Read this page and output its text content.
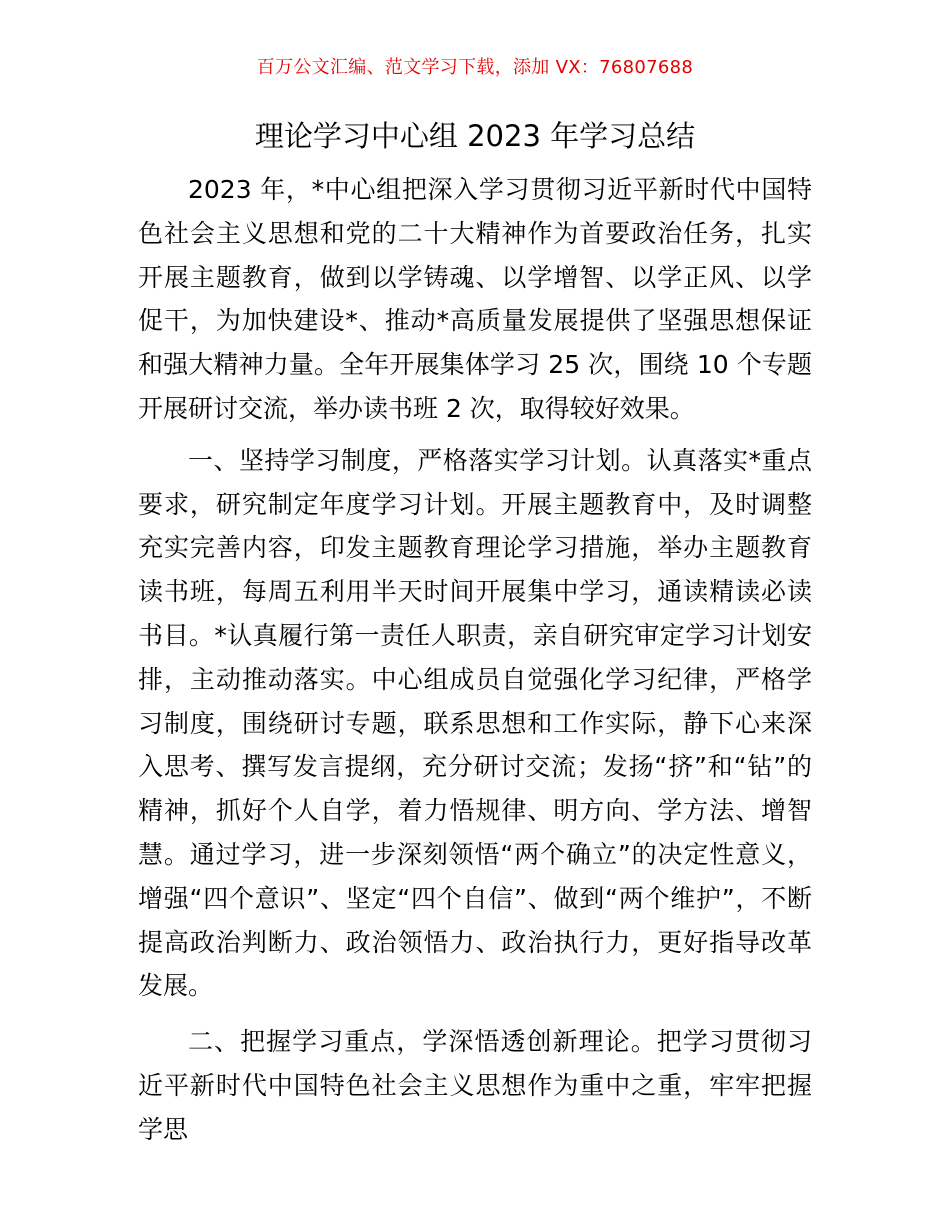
百万公文汇编、范文学习下载，添加 VX：76807688
理论学习中心组 2023 年学习总结

2023 年，*中心组把深入学习贯彻习近平新时代中国特色社会主义思想和党的二十大精神作为首要政治任务，扎实开展主题教育，做到以学铸魂、以学增智、以学正风、以学促干，为加快建设*、推动*高质量发展提供了坚强思想保证和强大精神力量。全年开展集体学习 25 次，围绕 10 个专题开展研讨交流，举办读书班 2 次，取得较好效果。

一、坚持学习制度，严格落实学习计划。认真落实*重点要求，研究制定年度学习计划。开展主题教育中，及时调整充实完善内容，印发主题教育理论学习措施，举办主题教育读书班，每周五利用半天时间开展集中学习，通读精读必读书目。*认真履行第一责任人职责，亲自研究审定学习计划安排，主动推动落实。中心组成员自觉强化学习纪律，严格学习制度，围绕研讨专题，联系思想和工作实际，静下心来深入思考、撰写发言提纲，充分研讨交流；发扬“挤”和“钻”的精神，抓好个人自学，着力悟规律、明方向、学方法、增智慧。通过学习，进一步深刻领悟“两个确立”的决定性意义，增强“四个意识”、坚定“四个自信”、做到“两个维护”，不断提高政治判断力、政治领悟力、政治执行力，更好指导改革发展。

二、把握学习重点，学深悟透创新理论。把学习贯彻习近平新时代中国特色社会主义思想作为重中之重，牢牢把握学思
